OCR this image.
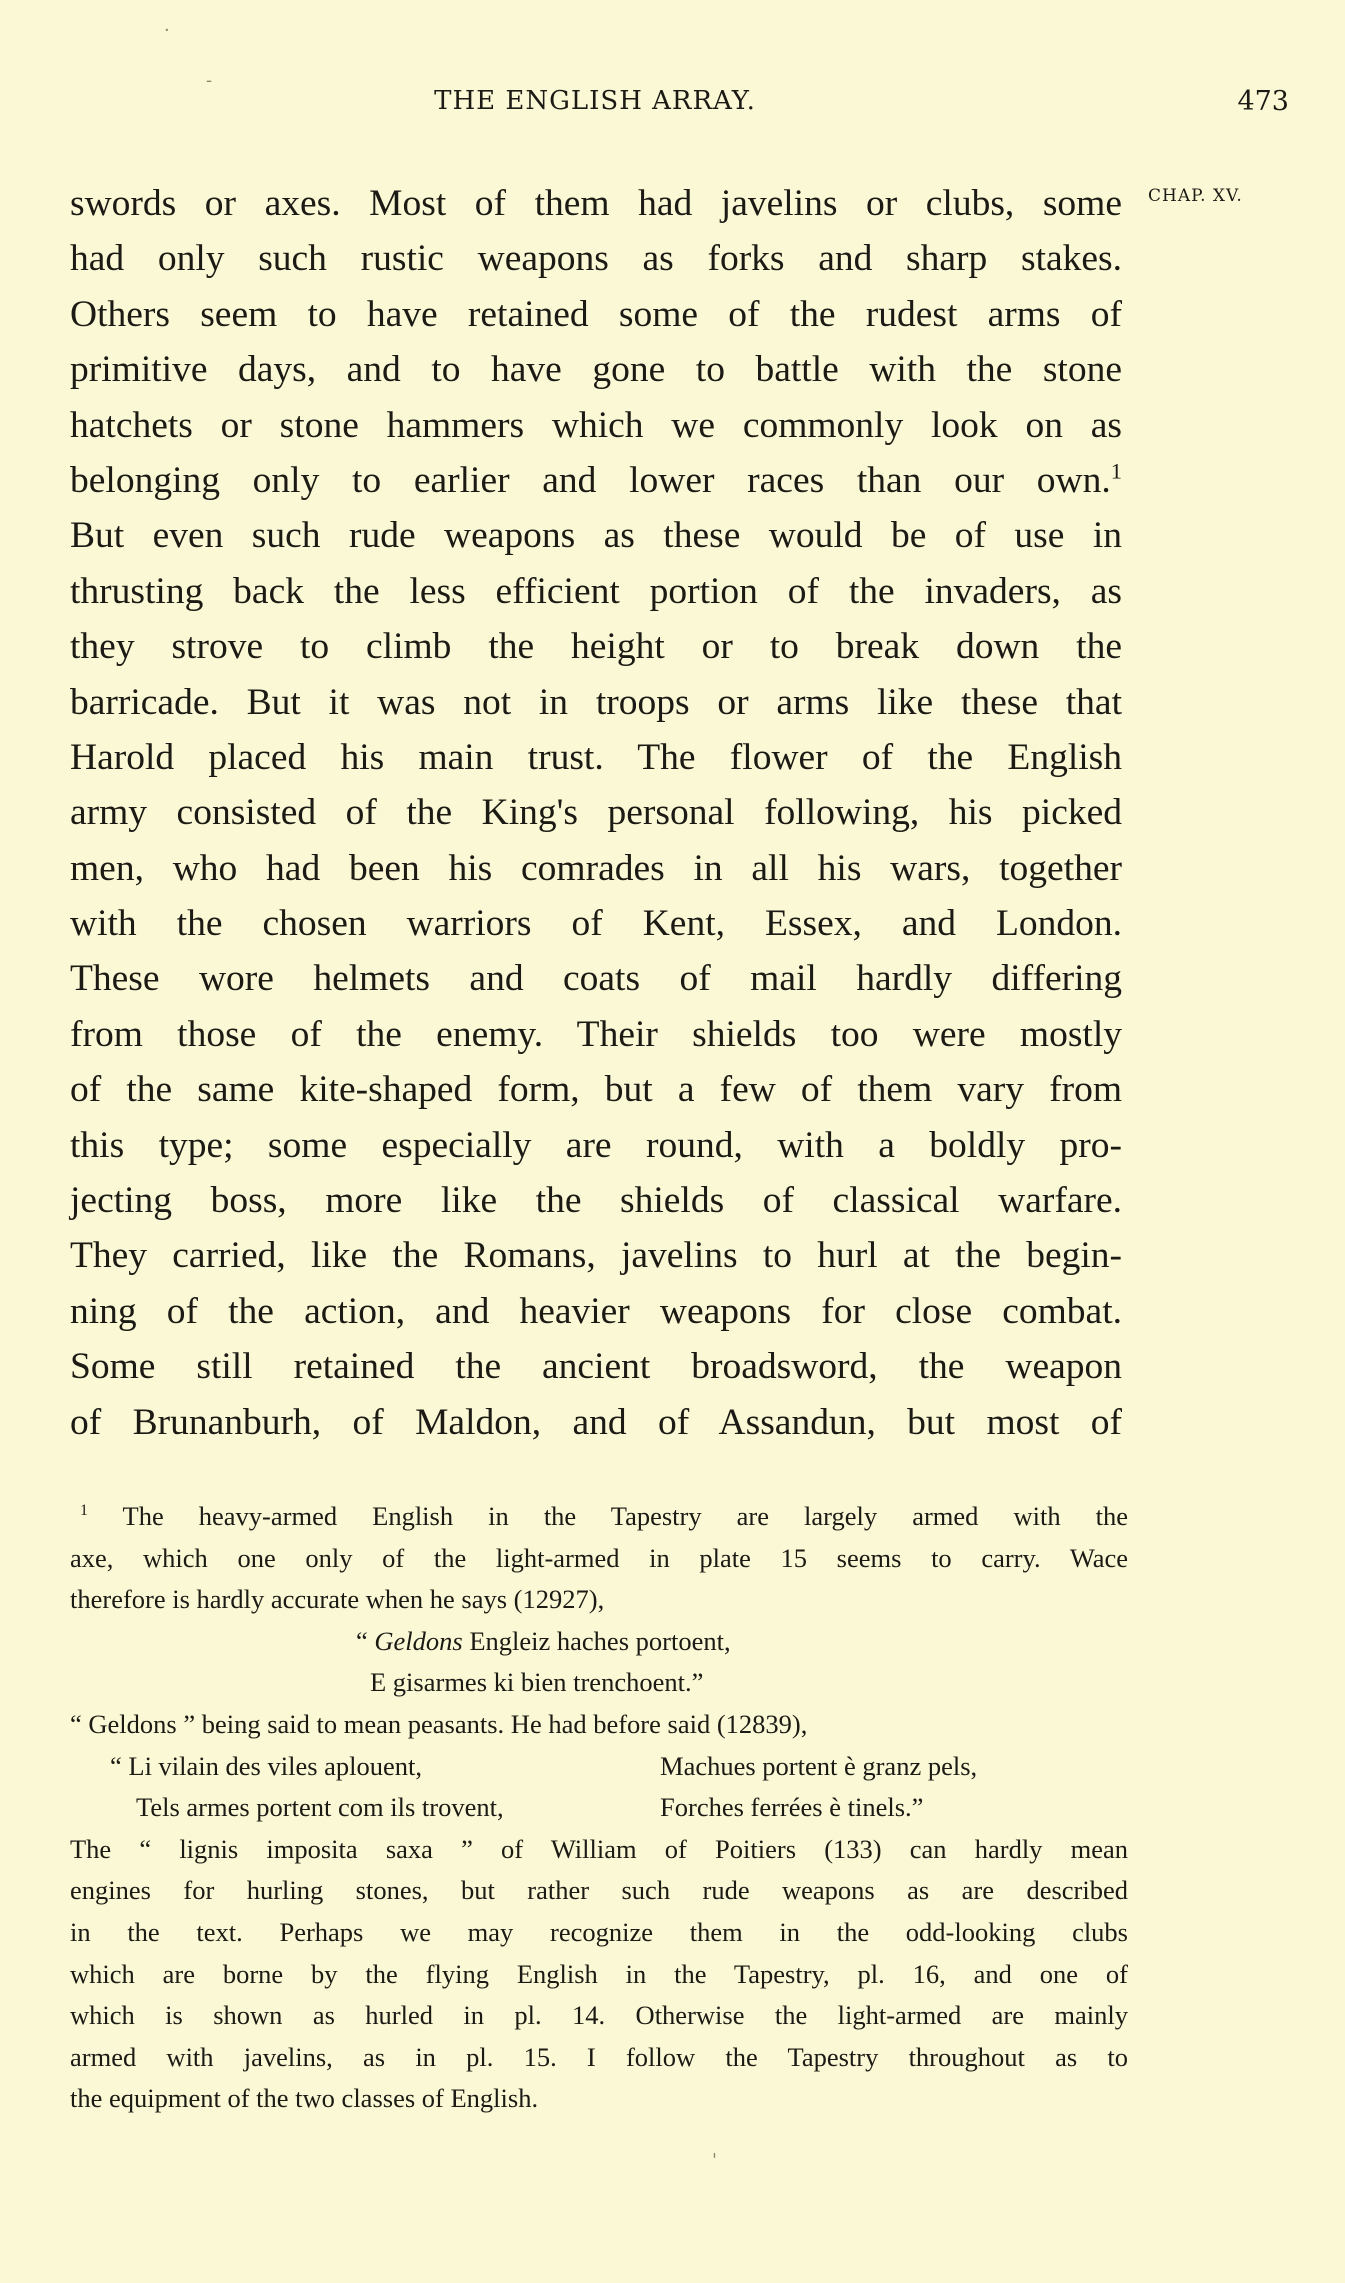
THE ENGLISH ARRAY.	473
CHAP. XV.
swords or axes. Most of them had javelins or clubs, some
had only such rustic weapons as forks and sharp stakes.
Others seem to have retained some of the rudest arms of
primitive days, and to have gone to battle with the stone
hatchets or stone hammers which we commonly look on as
belonging only to earlier and lower races than our own.$^1$
But even such rude weapons as these would be of use in
thrusting back the less efficient portion of the invaders, as
they strove to climb the height or to break down the
barricade. But it was not in troops or arms like these that
Harold placed his main trust. The flower of the English
army consisted of the King's personal following, his picked
men, who had been his comrades in all his wars, together
with the chosen warriors of Kent, Essex, and London.
These wore helmets and coats of mail hardly differing
from those of the enemy. Their shields too were mostly
of the same kite-shaped form, but a few of them vary from
this type; some especially are round, with a boldly pro-
jecting boss, more like the shields of classical warfare.
They carried, like the Romans, javelins to hurl at the begin-
ning of the action, and heavier weapons for close combat.
Some still retained the ancient broadsword, the weapon
of Brunanburh, of Maldon, and of Assandun, but most of
$^1$ The heavy-armed English in the Tapestry are largely armed with the
axe, which one only of the light-armed in plate 15 seems to carry. Wace
therefore is hardly accurate when he says (12927),
“ Geldons Engleiz haches portoent,
E gisarmes ki bien trenchoent.”
“ Geldons ” being said to mean peasants. He had before said (12839),
“ Li vilain des viles aplouent,	Machues portent è granz pels,
Tels armes portent com ils trovent,	Forches ferrées è tinels.”
The “ lignis imposita saxa ” of William of Poitiers (133) can hardly mean
engines for hurling stones, but rather such rude weapons as are described
in the text. Perhaps we may recognize them in the odd-looking clubs
which are borne by the flying English in the Tapestry, pl. 16, and one of
which is shown as hurled in pl. 14. Otherwise the light-armed are mainly
armed with javelins, as in pl. 15. I follow the Tapestry throughout as to
the equipment of the two classes of English.
·
-
'
